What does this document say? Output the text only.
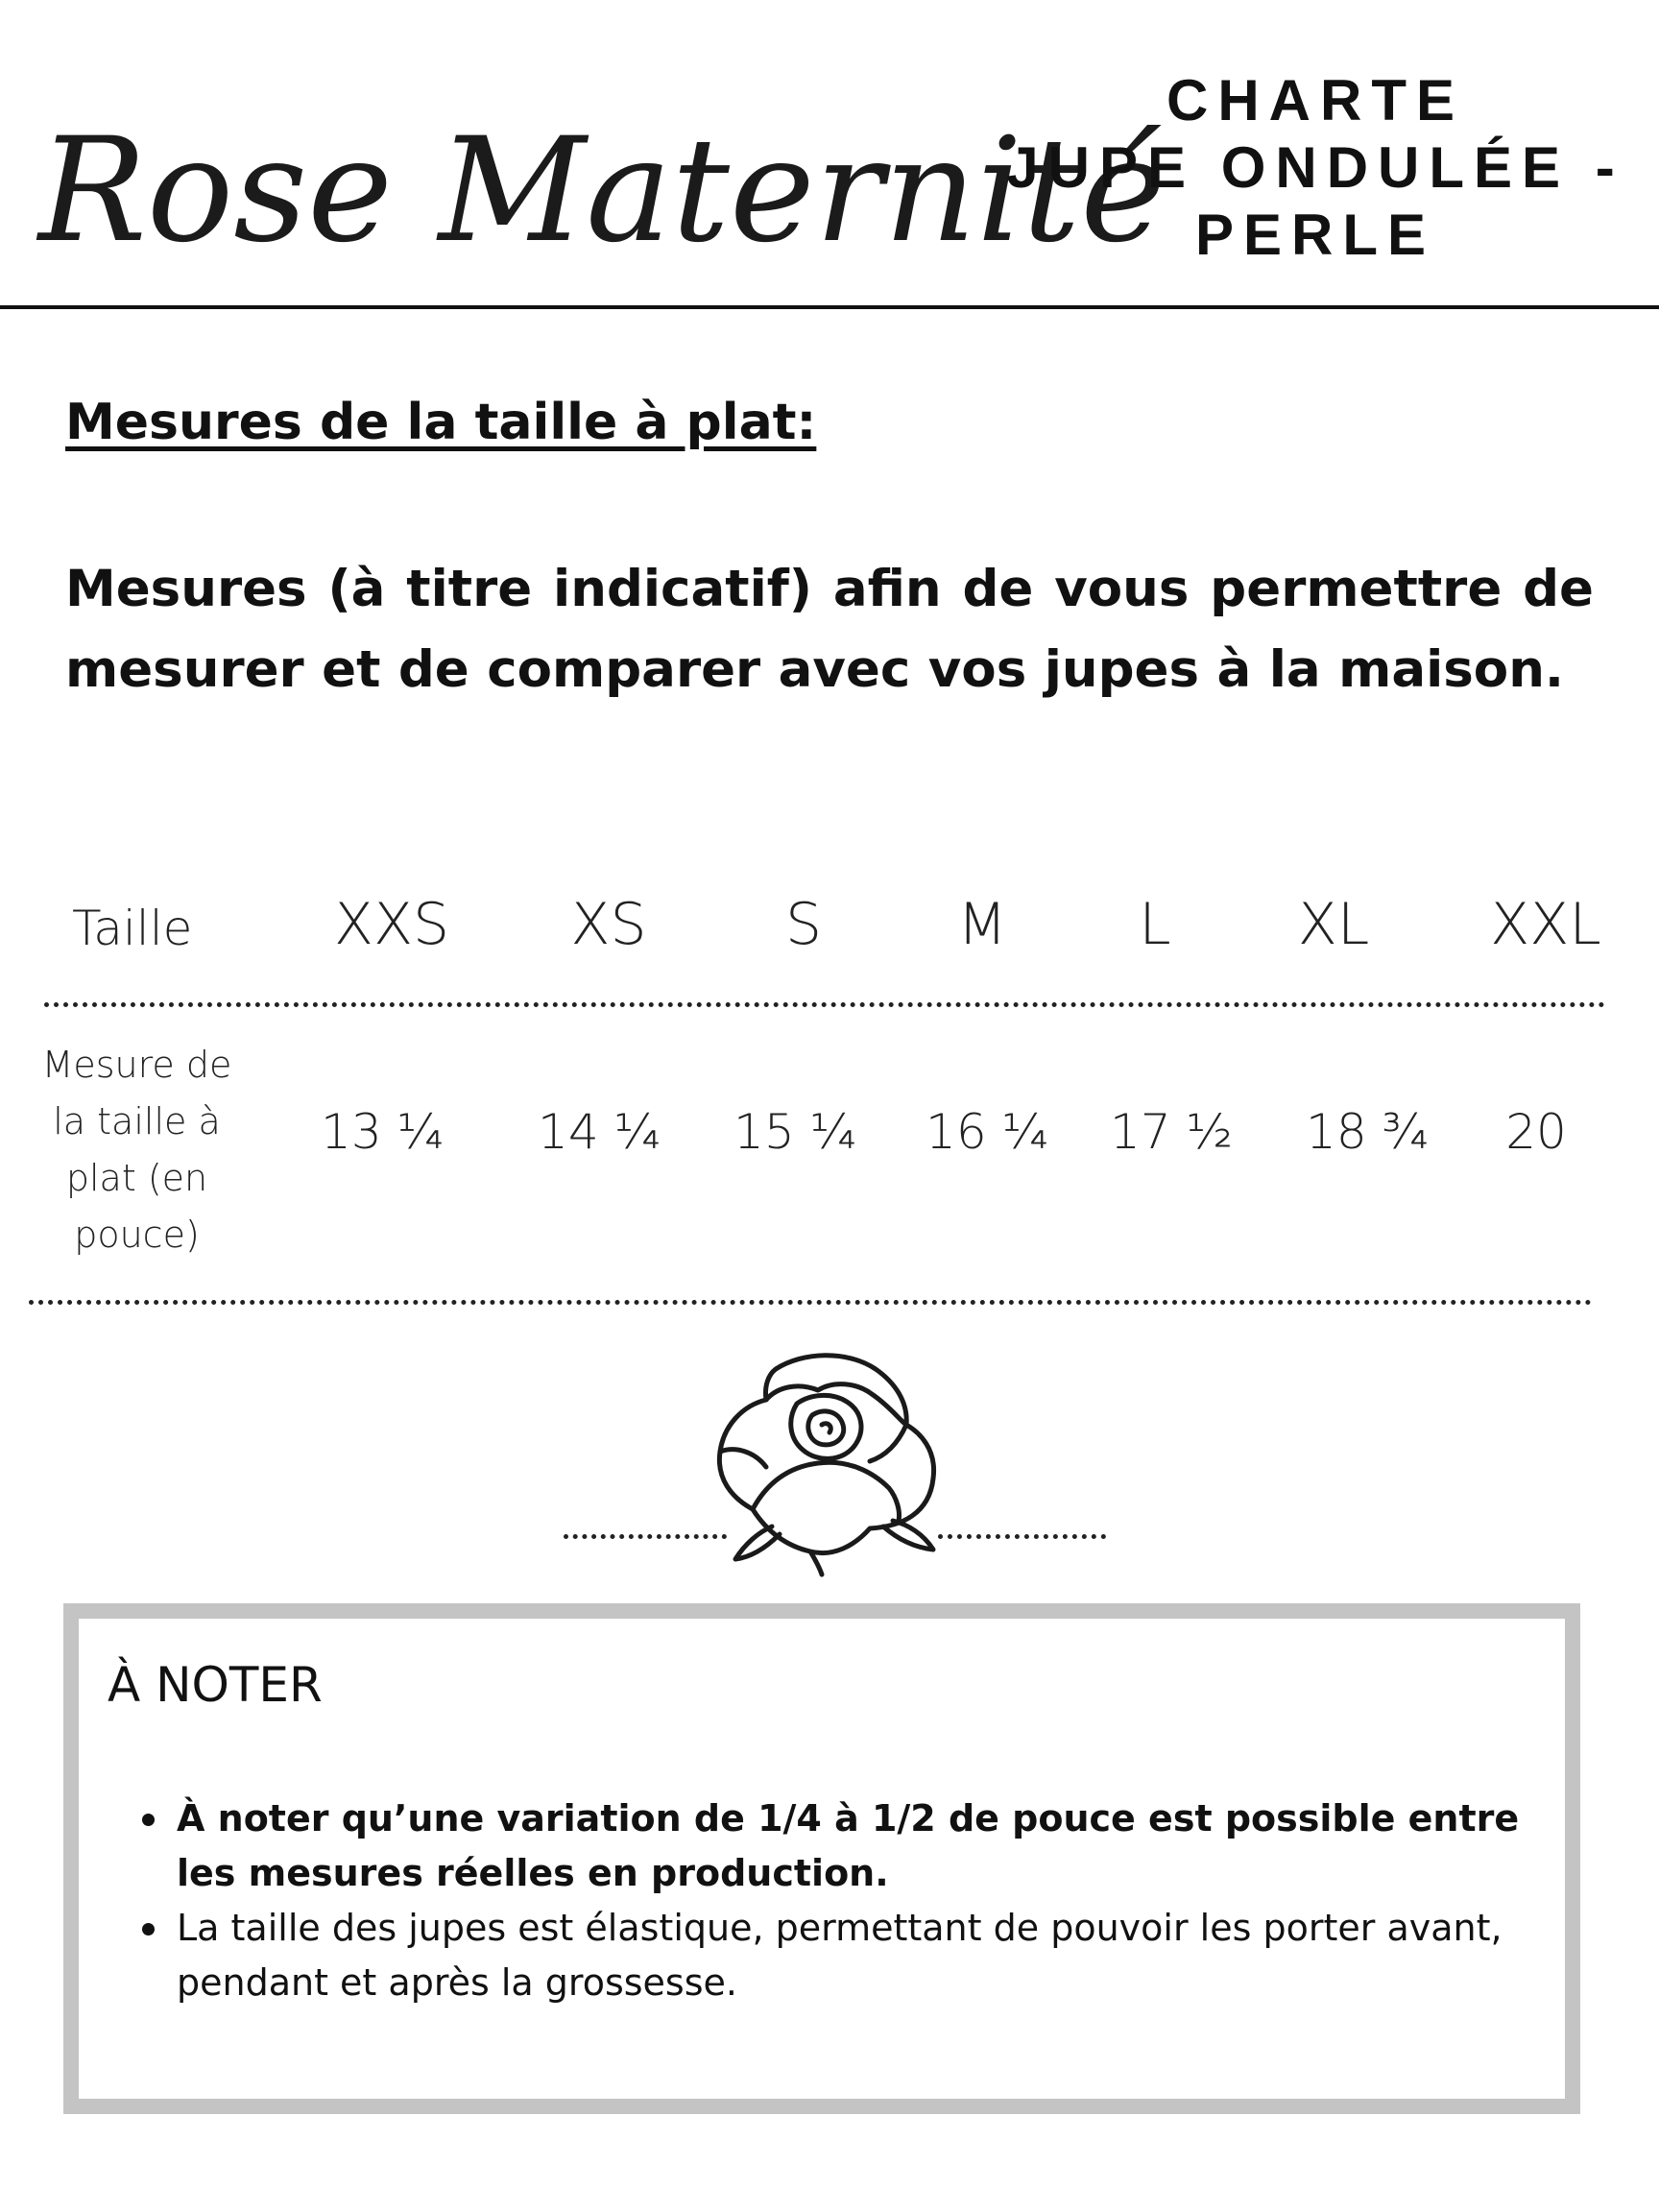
Rose Maternité
CHARTE
JUPE ONDULÉE -
PERLE
Mesures de la taille à plat:
Mesures (à titre indicatif) afin de vous permettre de mesurer et de comparer avec vos jupes à la maison.
Taille XXS XS S M L XL XXL
Mesure de la taille à plat (en pouce)
13 ¼ 14 ¼ 15 ¼ 16 ¼ 17 ½ 18 ¾ 20
À NOTER
À noter qu’une variation de 1/4 à 1/2 de pouce est possible entre les mesures réelles en production.
La taille des jupes est élastique, permettant de pouvoir les porter avant, pendant et après la grossesse.
